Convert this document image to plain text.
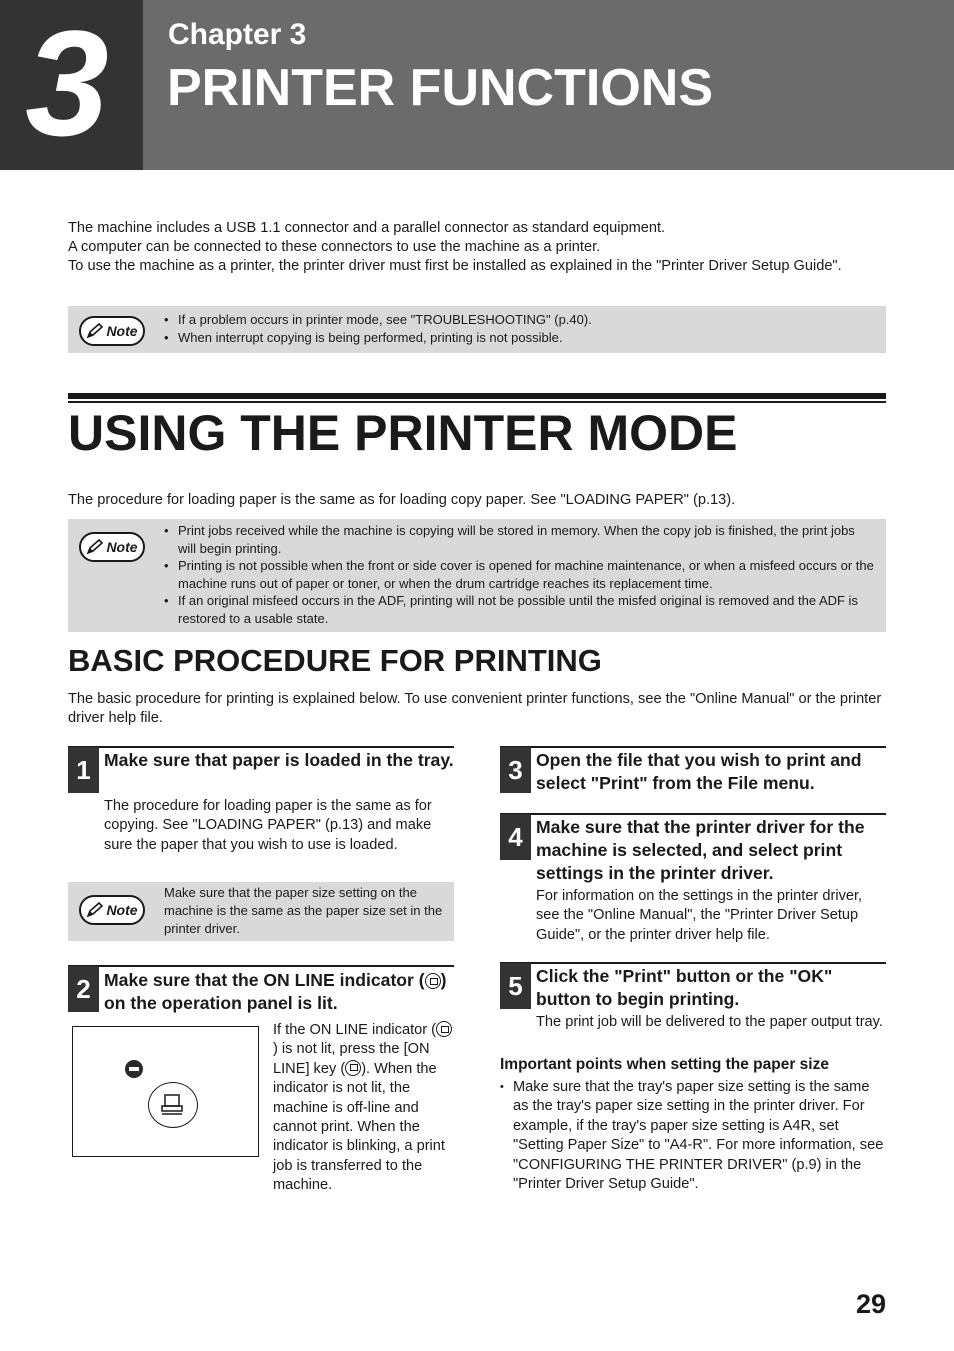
3	Chapter 3
PRINTER FUNCTIONS
The machine includes a USB 1.1 connector and a parallel connector as standard equipment.
A computer can be connected to these connectors to use the machine as a printer.
To use the machine as a printer, the printer driver must first be installed as explained in the "Printer Driver Setup Guide".
Note
• If a problem occurs in printer mode, see "TROUBLESHOOTING" (p.40).
• When interrupt copying is being performed, printing is not possible.
USING THE PRINTER MODE
The procedure for loading paper is the same as for loading copy paper. See "LOADING PAPER" (p.13).
Note
• Print jobs received while the machine is copying will be stored in memory. When the copy job is finished, the print jobs will begin printing.
• Printing is not possible when the front or side cover is opened for machine maintenance, or when a misfeed occurs or the machine runs out of paper or toner, or when the drum cartridge reaches its replacement time.
• If an original misfeed occurs in the ADF, printing will not be possible until the misfed original is removed and the ADF is restored to a usable state.
BASIC PROCEDURE FOR PRINTING
The basic procedure for printing is explained below. To use convenient printer functions, see the "Online Manual" or the printer driver help file.
1 Make sure that paper is loaded in the tray.
The procedure for loading paper is the same as for copying. See "LOADING PAPER" (p.13) and make sure the paper that you wish to use is loaded.
Note
Make sure that the paper size setting on the machine is the same as the paper size set in the printer driver.
2 Make sure that the ON LINE indicator ( ) on the operation panel is lit.
If the ON LINE indicator () is not lit, press the [ON LINE] key ( ). When the indicator is not lit, the machine is off-line and cannot print. When the indicator is blinking, a print job is transferred to the machine.
3 Open the file that you wish to print and select "Print" from the File menu.
4 Make sure that the printer driver for the machine is selected, and select print settings in the printer driver.
For information on the settings in the printer driver, see the "Online Manual", the "Printer Driver Setup Guide", or the printer driver help file.
5 Click the "Print" button or the "OK" button to begin printing.
The print job will be delivered to the paper output tray.
Important points when setting the paper size
• Make sure that the tray's paper size setting is the same as the tray's paper size setting in the printer driver. For example, if the tray's paper size setting is A4R, set "Setting Paper Size" to "A4-R". For more information, see "CONFIGURING THE PRINTER DRIVER" (p.9) in the "Printer Driver Setup Guide".
29
